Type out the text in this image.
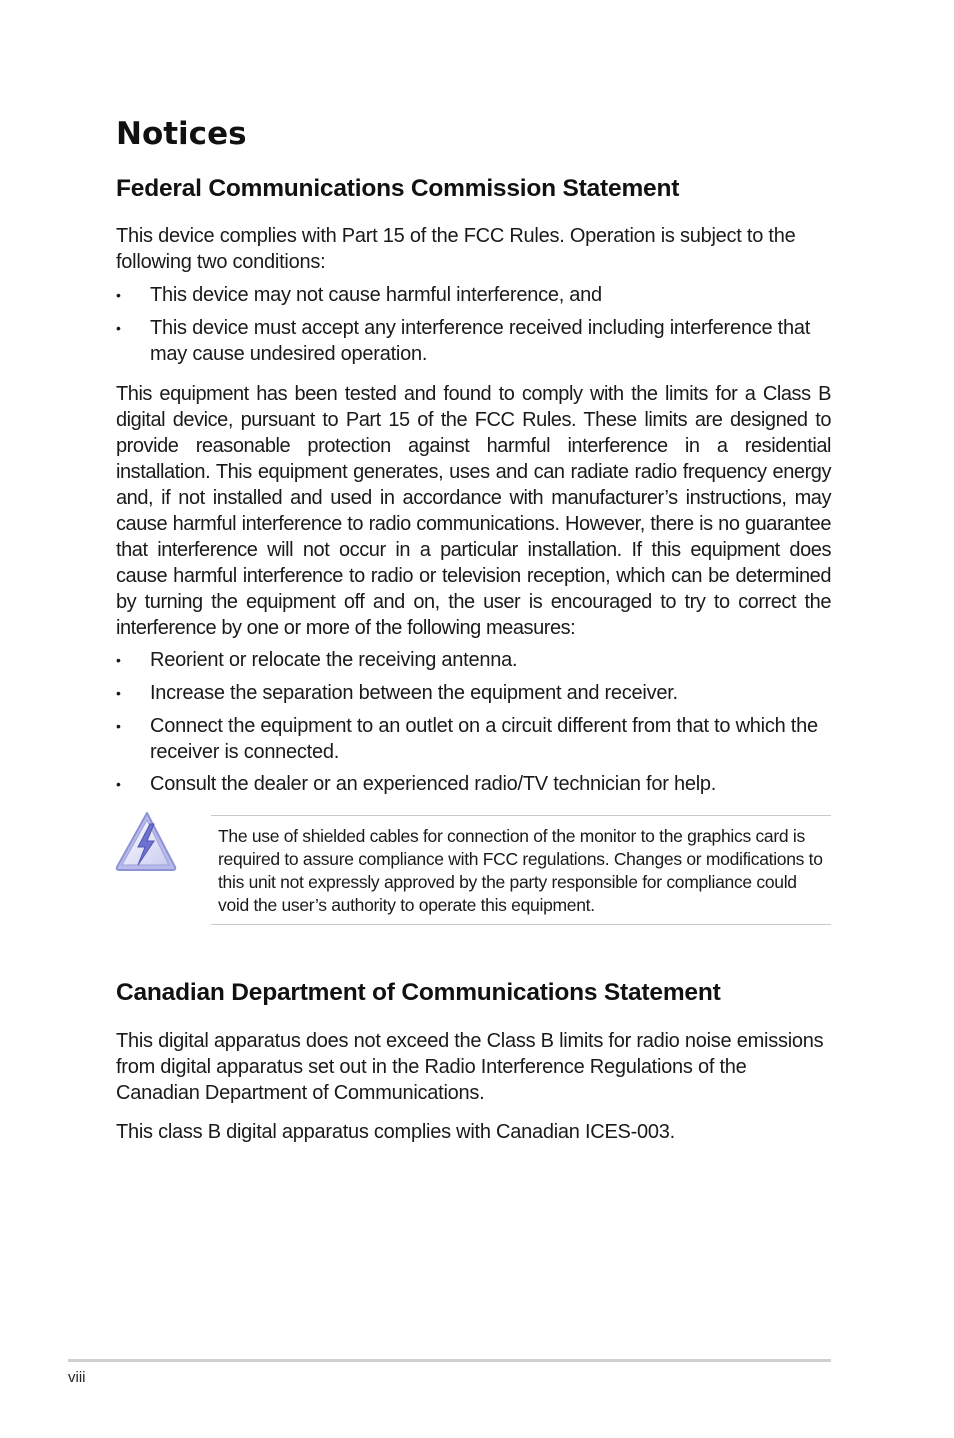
Notices
Federal Communications Commission Statement

This device complies with Part 15 of the FCC Rules. Operation is subject to the following two conditions:

• This device may not cause harmful interference, and
• This device must accept any interference received including interference that may cause undesired operation.

This equipment has been tested and found to comply with the limits for a Class B digital device, pursuant to Part 15 of the FCC Rules. These limits are designed to provide reasonable protection against harmful interference in a residential installation. This equipment generates, uses and can radiate radio frequency energy and, if not installed and used in accordance with manufacturer’s instructions, may cause harmful interference to radio communications. However, there is no guarantee that interference will not occur in a particular installation. If this equipment does cause harmful interference to radio or television reception, which can be determined by turning the equipment off and on, the user is encouraged to try to correct the interference by one or more of the following measures:

• Reorient or relocate the receiving antenna.
• Increase the separation between the equipment and receiver.
• Connect the equipment to an outlet on a circuit different from that to which the receiver is connected.
• Consult the dealer or an experienced radio/TV technician for help.

The use of shielded cables for connection of the monitor to the graphics card is required to assure compliance with FCC regulations. Changes or modifications to this unit not expressly approved by the party responsible for compliance could void the user’s authority to operate this equipment.

Canadian Department of Communications Statement

This digital apparatus does not exceed the Class B limits for radio noise emissions from digital apparatus set out in the Radio Interference Regulations of the Canadian Department of Communications.

This class B digital apparatus complies with Canadian ICES-003.

viii
